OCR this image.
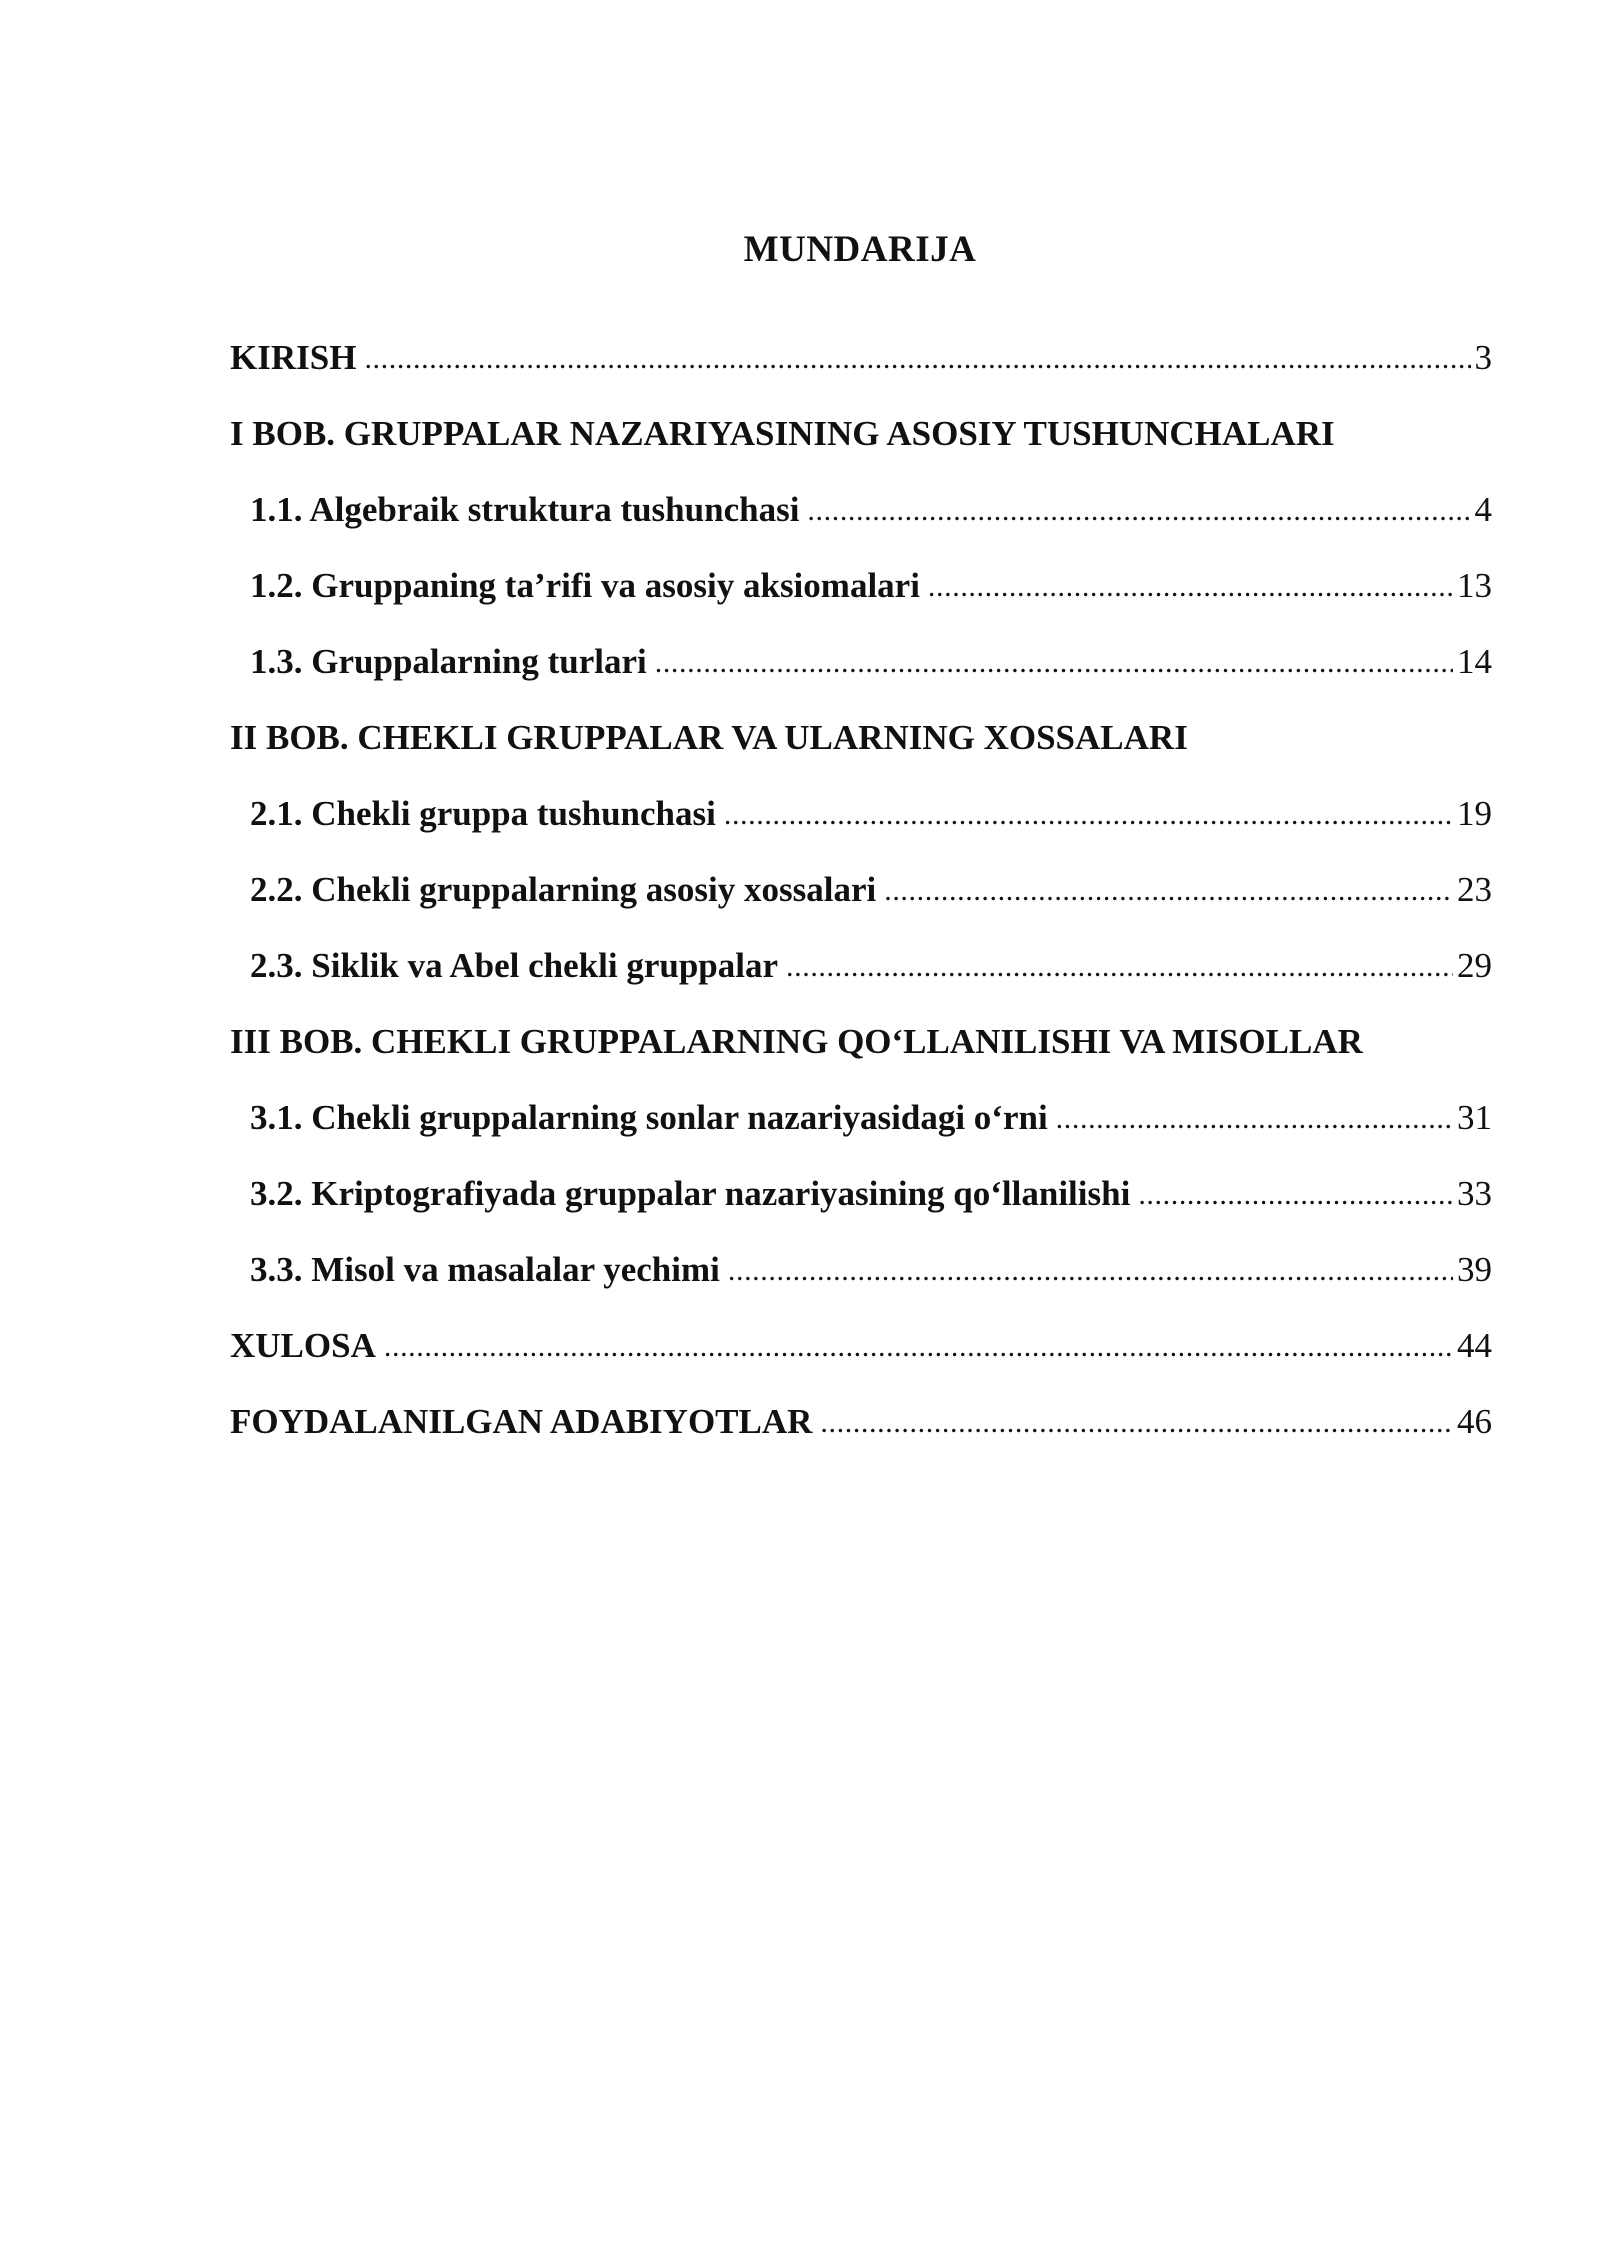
MUNDARIJA
KIRISH .....	3
I BOB. GRUPPALAR NAZARIYASINING ASOSIY TUSHUNCHALARI
1.1. Algebraik struktura tushunchasi .....	4
1.2. Gruppaning ta’rifi va asosiy aksiomalari .....	13
1.3. Gruppalarning turlari .....	14
II BOB. CHEKLI GRUPPALAR VA ULARNING XOSSALARI
2.1. Chekli gruppa tushunchasi .....	19
2.2. Chekli gruppalarning asosiy xossalari .....	23
2.3. Siklik va Abel chekli gruppalar .....	29
III BOB. CHEKLI GRUPPALARNING QO‘LLANILISHI VA MISOLLAR
3.1. Chekli gruppalarning sonlar nazariyasidagi o‘rni .....	31
3.2. Kriptografiyada gruppalar nazariyasining qo‘llanilishi .....	33
3.3. Misol va masalalar yechimi .....	39
XULOSA .....	44
FOYDALANILGAN ADABIYOTLAR .....	46
